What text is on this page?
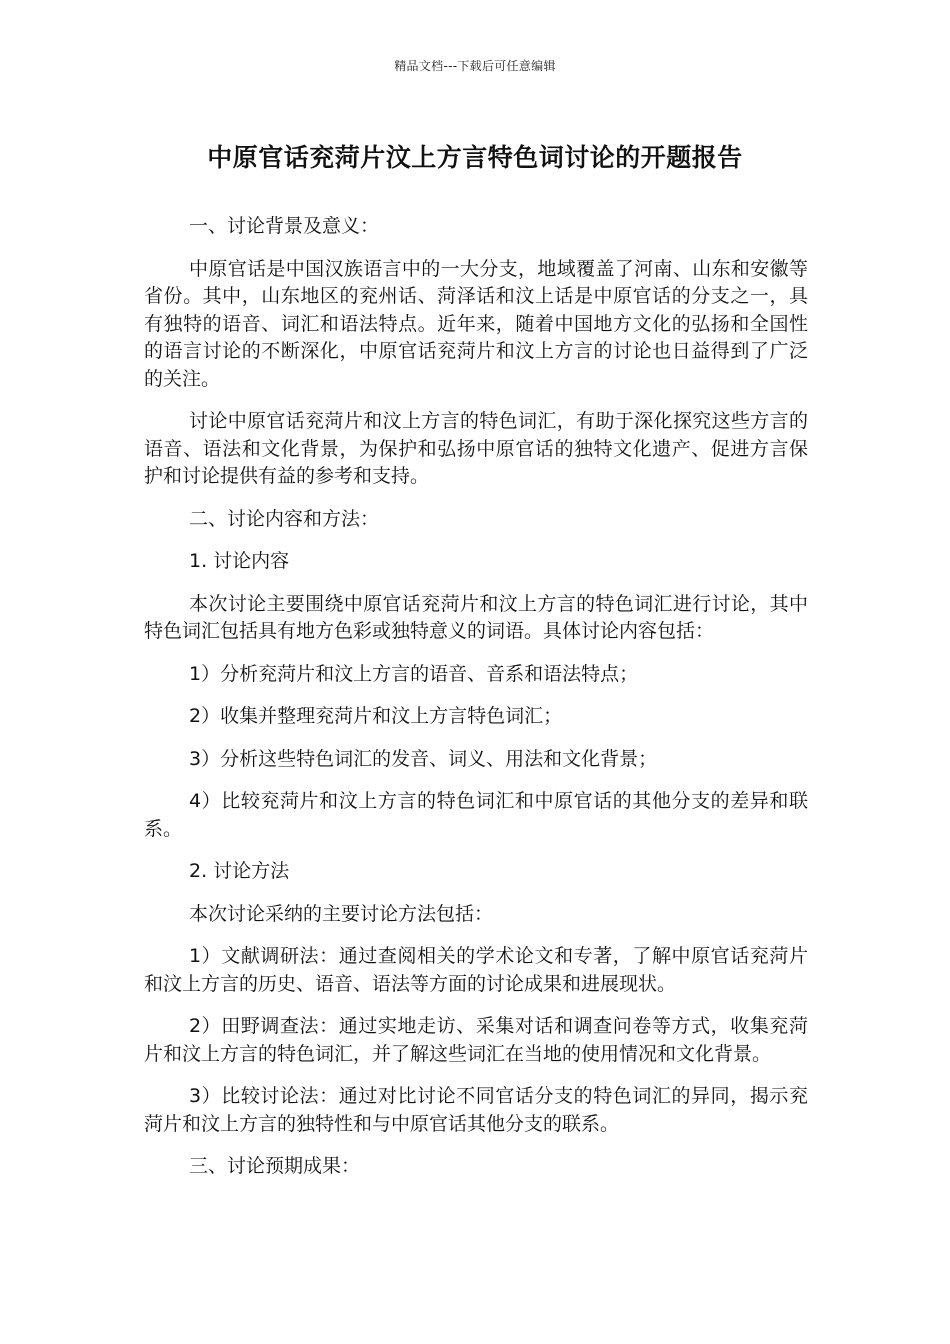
精品文档---下载后可任意编辑
中原官话兖菏片汶上方言特色词讨论的开题报告

一、讨论背景及意义：

中原官话是中国汉族语言中的一大分支，地域覆盖了河南、山东和安徽等省份。其中，山东地区的兖州话、菏泽话和汶上话是中原官话的分支之一，具有独特的语音、词汇和语法特点。近年来，随着中国地方文化的弘扬和全国性的语言讨论的不断深化，中原官话兖菏片和汶上方言的讨论也日益得到了广泛的关注。

讨论中原官话兖菏片和汶上方言的特色词汇，有助于深化探究这些方言的语音、语法和文化背景，为保护和弘扬中原官话的独特文化遗产、促进方言保护和讨论提供有益的参考和支持。

二、讨论内容和方法：

1. 讨论内容

本次讨论主要围绕中原官话兖菏片和汶上方言的特色词汇进行讨论，其中特色词汇包括具有地方色彩或独特意义的词语。具体讨论内容包括：

1）分析兖菏片和汶上方言的语音、音系和语法特点；

2）收集并整理兖菏片和汶上方言特色词汇；

3）分析这些特色词汇的发音、词义、用法和文化背景；

4）比较兖菏片和汶上方言的特色词汇和中原官话的其他分支的差异和联系。

2. 讨论方法

本次讨论采纳的主要讨论方法包括：

1）文献调研法：通过查阅相关的学术论文和专著，了解中原官话兖菏片和汶上方言的历史、语音、语法等方面的讨论成果和进展现状。

2）田野调查法：通过实地走访、采集对话和调查问卷等方式，收集兖菏片和汶上方言的特色词汇，并了解这些词汇在当地的使用情况和文化背景。

3）比较讨论法：通过对比讨论不同官话分支的特色词汇的异同，揭示兖菏片和汶上方言的独特性和与中原官话其他分支的联系。

三、讨论预期成果：
